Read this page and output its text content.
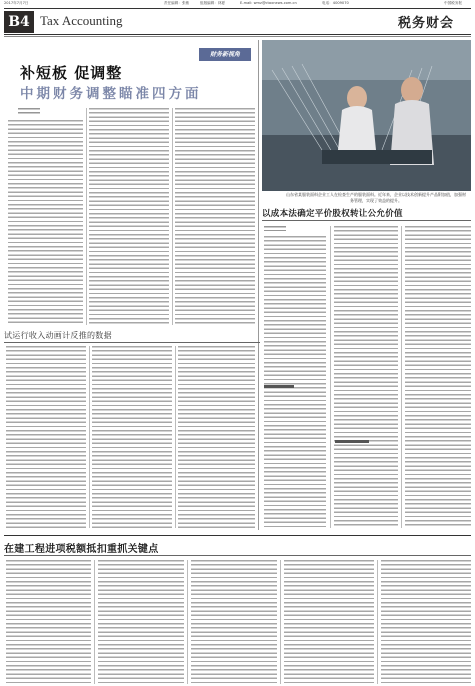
2017年7月7日	责任编辑：张敏	组版编辑：林夏	E-mail: wmz@ctaxnews.com.cn	电话：4009070	中国税务报
B4 Tax Accounting	税务财会
补短板 促调整
中期财务调整瞄准四方面
财务新视角
山东省某服装面料企业工人在检查生产的服装面料。近年来，企业以技术创新提升产品附加值，加强财务管理，实现了效益的提升。
以成本法确定平价股权转让公允价值
试运行收入动画计反推的数据
在建工程进项税额抵扣重抓关键点
